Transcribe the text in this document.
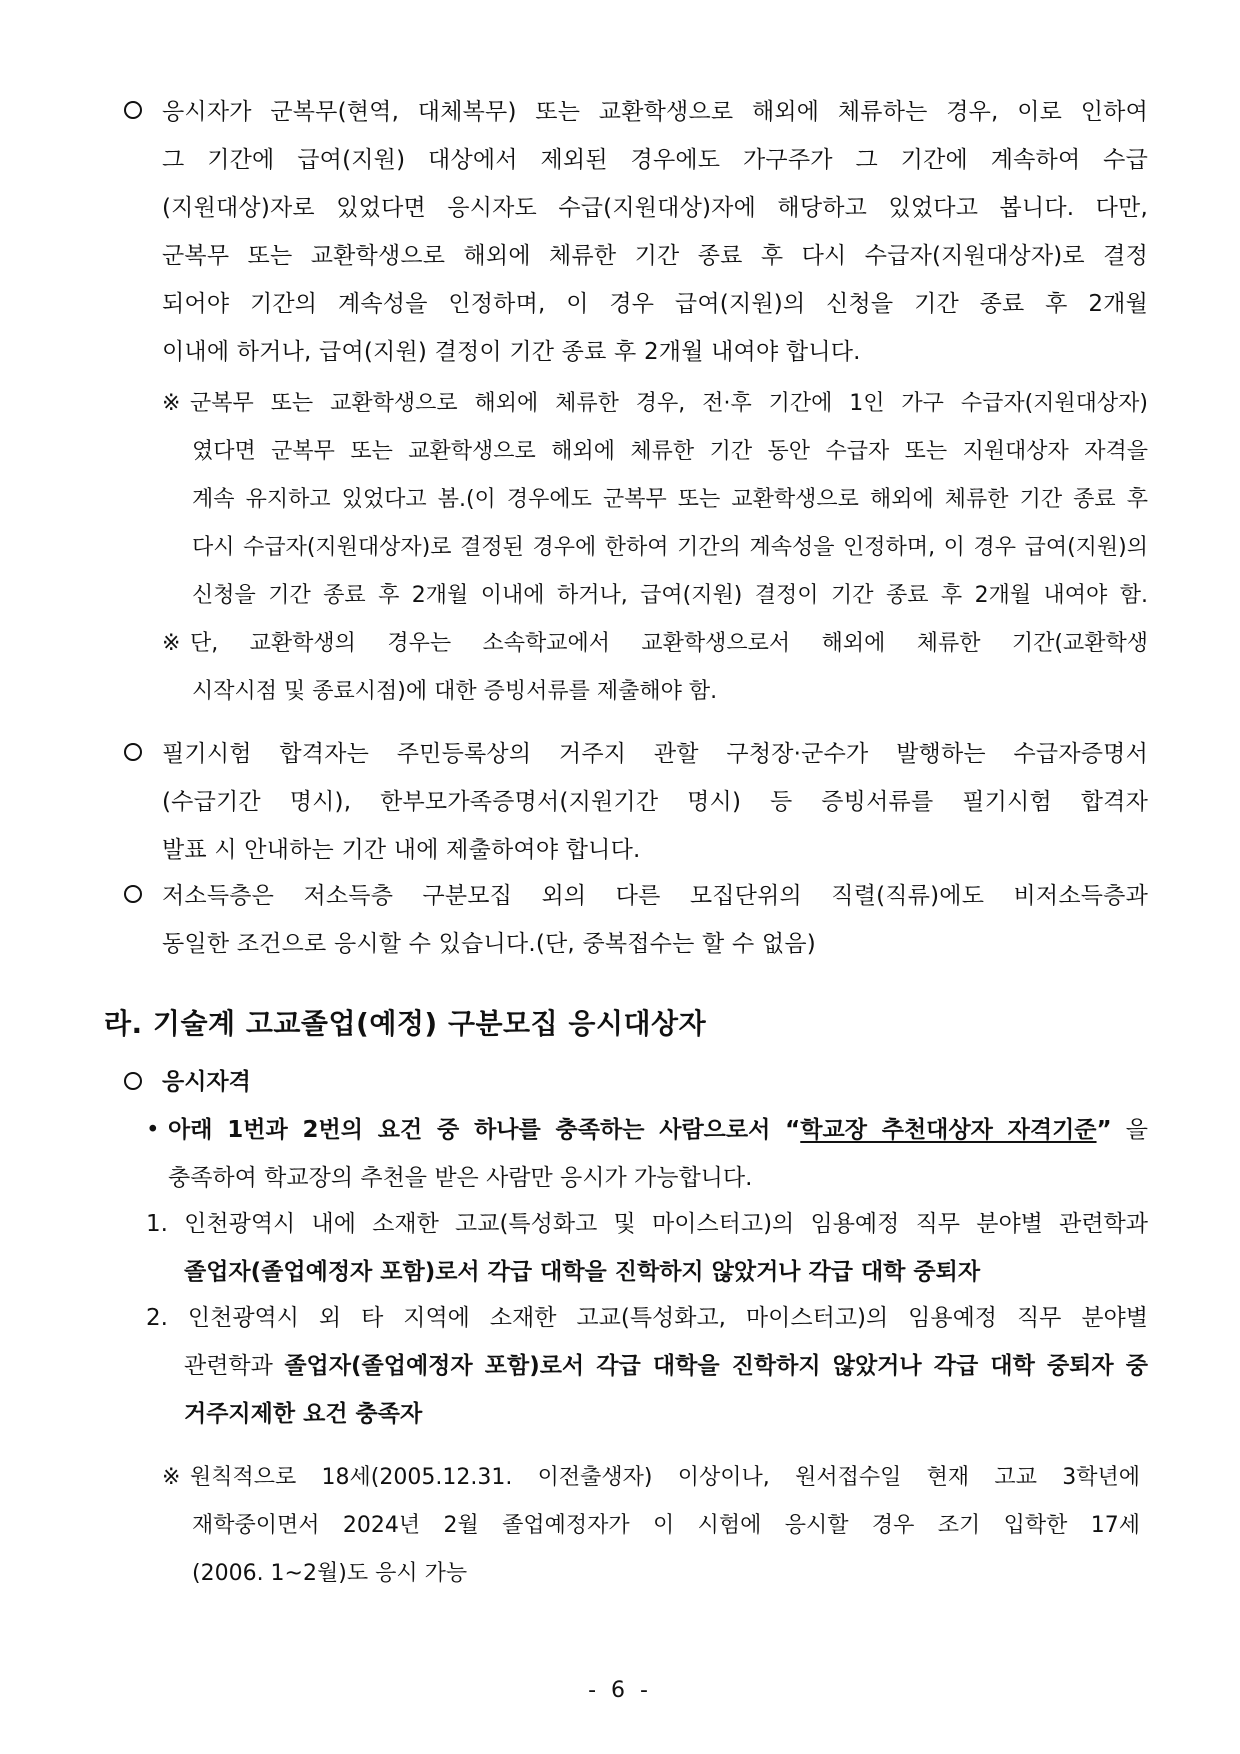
응시자가 군복무(현역, 대체복무) 또는 교환학생으로 해외에 체류하는 경우, 이로 인하여
그 기간에 급여(지원) 대상에서 제외된 경우에도 가구주가 그 기간에 계속하여 수급
(지원대상)자로 있었다면 응시자도 수급(지원대상)자에 해당하고 있었다고 봅니다. 다만,
군복무 또는 교환학생으로 해외에 체류한 기간 종료 후 다시 수급자(지원대상자)로 결정
되어야 기간의 계속성을 인정하며, 이 경우 급여(지원)의 신청을 기간 종료 후 2개월
이내에 하거나, 급여(지원) 결정이 기간 종료 후 2개월 내여야 합니다.
※ 군복무 또는 교환학생으로 해외에 체류한 경우, 전·후 기간에 1인 가구 수급자(지원대상자)
였다면 군복무 또는 교환학생으로 해외에 체류한 기간 동안 수급자 또는 지원대상자 자격을
계속 유지하고 있었다고 봄.(이 경우에도 군복무 또는 교환학생으로 해외에 체류한 기간 종료 후
다시 수급자(지원대상자)로 결정된 경우에 한하여 기간의 계속성을 인정하며, 이 경우 급여(지원)의
신청을 기간 종료 후 2개월 이내에 하거나, 급여(지원) 결정이 기간 종료 후 2개월 내여야 함.
※ 단, 교환학생의 경우는 소속학교에서 교환학생으로서 해외에 체류한 기간(교환학생
시작시점 및 종료시점)에 대한 증빙서류를 제출해야 함.
필기시험 합격자는 주민등록상의 거주지 관할 구청장·군수가 발행하는 수급자증명서
(수급기간 명시), 한부모가족증명서(지원기간 명시) 등 증빙서류를 필기시험 합격자
발표 시 안내하는 기간 내에 제출하여야 합니다.
저소득층은 저소득층 구분모집 외의 다른 모집단위의 직렬(직류)에도 비저소득층과
동일한 조건으로 응시할 수 있습니다.(단, 중복접수는 할 수 없음)
라. 기술계 고교졸업(예정) 구분모집 응시대상자
응시자격
• 아래 1번과 2번의 요건 중 하나를 충족하는 사람으로서 “학교장 추천대상자 자격기준” 을
충족하여 학교장의 추천을 받은 사람만 응시가 가능합니다.
1. 인천광역시 내에 소재한 고교(특성화고 및 마이스터고)의 임용예정 직무 분야별 관련학과
졸업자(졸업예정자 포함)로서 각급 대학을 진학하지 않았거나 각급 대학 중퇴자
2. 인천광역시 외 타 지역에 소재한 고교(특성화고, 마이스터고)의 임용예정 직무 분야별
관련학과 졸업자(졸업예정자 포함)로서 각급 대학을 진학하지 않았거나 각급 대학 중퇴자 중
거주지제한 요건 충족자
※ 원칙적으로 18세(2005.12.31. 이전출생자) 이상이나, 원서접수일 현재 고교 3학년에
재학중이면서 2024년 2월 졸업예정자가 이 시험에 응시할 경우 조기 입학한 17세
(2006. 1~2월)도 응시 가능
- 6 -
